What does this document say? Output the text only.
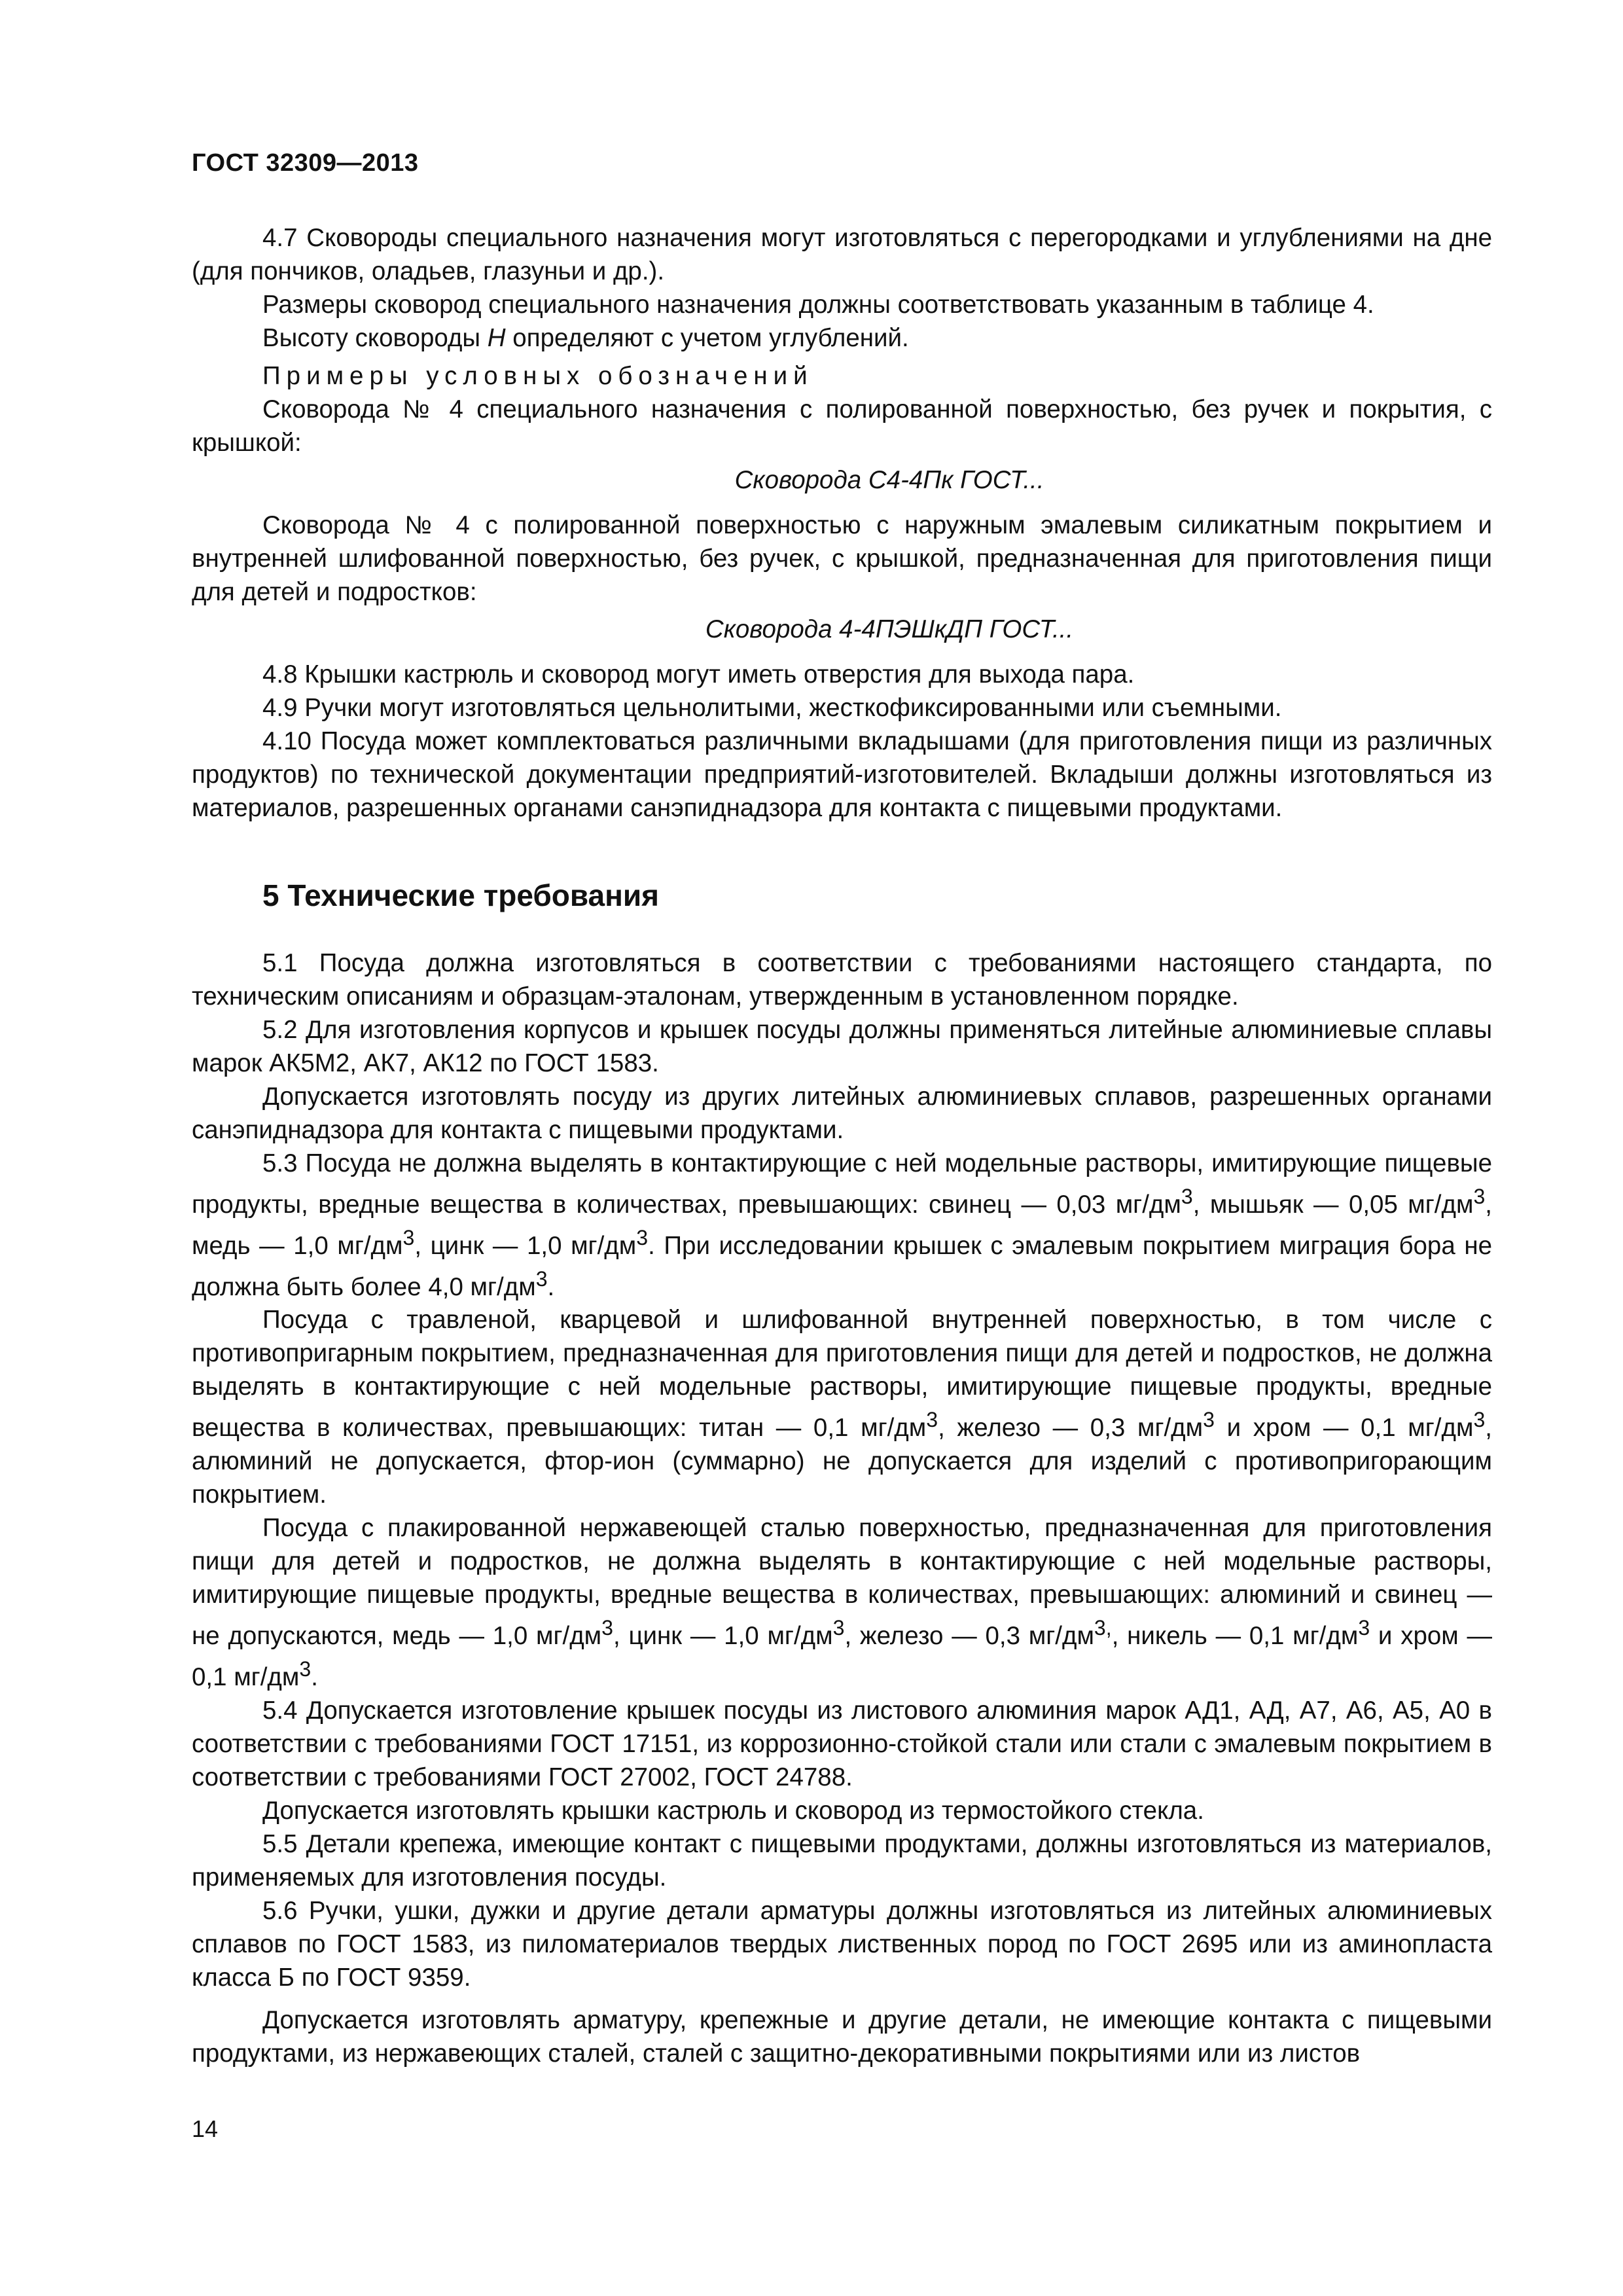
ГОСТ 32309—2013

4.7 Сковороды специального назначения могут изготовляться с перегородками и углублениями на дне (для пончиков, оладьев, глазуньи и др.).

Размеры сковород специального назначения должны соответствовать указанным в таблице 4.

Высоту сковороды H определяют с учетом углублений.

Примеры условных обозначений

Сковорода № 4 специального назначения с полированной поверхностью, без ручек и покрытия, с крышкой:

Сковорода С4-4Пк ГОСТ...

Сковорода № 4 с полированной поверхностью с наружным эмалевым силикатным покрытием и внутренней шлифованной поверхностью, без ручек, с крышкой, предназначенная для приготовления пищи для детей и подростков:

Сковорода 4-4ПЭШкДП ГОСТ...

4.8 Крышки кастрюль и сковород могут иметь отверстия для выхода пара.

4.9 Ручки могут изготовляться цельнолитыми, жесткофиксированными или съемными.

4.10 Посуда может комплектоваться различными вкладышами (для приготовления пищи из различных продуктов) по технической документации предприятий-изготовителей. Вкладыши должны изготовляться из материалов, разрешенных органами санэпиднадзора для контакта с пищевыми продуктами.

5 Технические требования

5.1 Посуда должна изготовляться в соответствии с требованиями настоящего стандарта, по техническим описаниям и образцам-эталонам, утвержденным в установленном порядке.

5.2 Для изготовления корпусов и крышек посуды должны применяться литейные алюминиевые сплавы марок АК5М2, АК7, АК12 по ГОСТ 1583.

Допускается изготовлять посуду из других литейных алюминиевых сплавов, разрешенных органами санэпиднадзора для контакта с пищевыми продуктами.

5.3 Посуда не должна выделять в контактирующие с ней модельные растворы, имитирующие пищевые продукты, вредные вещества в количествах, превышающих: свинец — 0,03 $мг/дм^3$, мышьяк — 0,05 $мг/дм^3$, медь — 1,0 $мг/дм^3$, цинк — 1,0 $мг/дм^3$. При исследовании крышек с эмалевым покрытием миграция бора не должна быть более 4,0 $мг/дм^3$.

Посуда с травленой, кварцевой и шлифованной внутренней поверхностью, в том числе с противопригарным покрытием, предназначенная для приготовления пищи для детей и подростков, не должна выделять в контактирующие с ней модельные растворы, имитирующие пищевые продукты, вредные вещества в количествах, превышающих: титан — 0,1 $мг/дм^3$, железо — 0,3 $мг/дм^3$ и хром — 0,1 $мг/дм^3$, алюминий не допускается, фтор-ион (суммарно) не допускается для изделий с противопригорающим покрытием.

Посуда с плакированной нержавеющей сталью поверхностью, предназначенная для приготовления пищи для детей и подростков, не должна выделять в контактирующие с ней модельные растворы, имитирующие пищевые продукты, вредные вещества в количествах, превышающих: алюминий и свинец — не допускаются, медь — 1,0 $мг/дм^3$, цинк — 1,0 $мг/дм^3$, железо — 0,3 $мг/дм^{3,}$, никель — 0,1 $мг/дм^3$ и хром — 0,1 $мг/дм^3$.

5.4 Допускается изготовление крышек посуды из листового алюминия марок АД1, АД, А7, А6, А5, А0 в соответствии с требованиями ГОСТ 17151, из коррозионно-стойкой стали или стали с эмалевым покрытием в соответствии с требованиями ГОСТ 27002, ГОСТ 24788.

Допускается изготовлять крышки кастрюль и сковород из термостойкого стекла.

5.5 Детали крепежа, имеющие контакт с пищевыми продуктами, должны изготовляться из материалов, применяемых для изготовления посуды.

5.6 Ручки, ушки, дужки и другие детали арматуры должны изготовляться из литейных алюминиевых сплавов по ГОСТ 1583, из пиломатериалов твердых лиственных пород по ГОСТ 2695 или из аминопласта класса Б по ГОСТ 9359.

Допускается изготовлять арматуру, крепежные и другие детали, не имеющие контакта с пищевыми продуктами, из нержавеющих сталей, сталей с защитно-декоративными покрытиями или из листов

14
